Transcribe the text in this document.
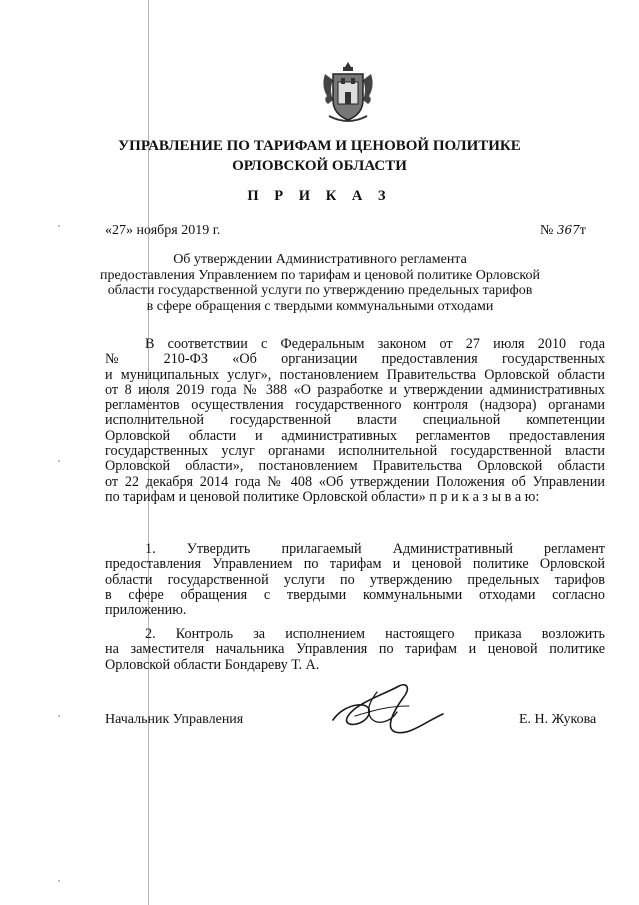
УПРАВЛЕНИЕ ПО ТАРИФАМ И ЦЕНОВОЙ ПОЛИТИКЕ
ОРЛОВСКОЙ ОБЛАСТИ
П Р И К А З
«27» ноября 2019 г.	№ 367т
Об утверждении Административного регламента
предоставления Управлением по тарифам и ценовой политике Орловской
области государственной услуги по утверждению предельных тарифов
в сфере обращения с твердыми коммунальными отходами
В соответствии с Федеральным законом от 27 июля 2010 года
№ 210-ФЗ «Об организации предоставления государственных
и муниципальных услуг», постановлением Правительства Орловской области
от 8 июля 2019 года № 388 «О разработке и утверждении административных
регламентов осуществления государственного контроля (надзора) органами
исполнительной государственной власти специальной компетенции
Орловской области и административных регламентов предоставления
государственных услуг органами исполнительной государственной власти
Орловской области», постановлением Правительства Орловской области
от 22 декабря 2014 года № 408 «Об утверждении Положения об Управлении
по тарифам и ценовой политике Орловской области» п р и к а з ы в а ю:
1. Утвердить прилагаемый Административный регламент
предоставления Управлением по тарифам и ценовой политике Орловской
области государственной услуги по утверждению предельных тарифов
в сфере обращения с твердыми коммунальными отходами согласно
приложению.
2. Контроль за исполнением настоящего приказа возложить
на заместителя начальника Управления по тарифам и ценовой политике
Орловской области Бондареву Т. А.
Начальник Управления	Е. Н. Жукова
